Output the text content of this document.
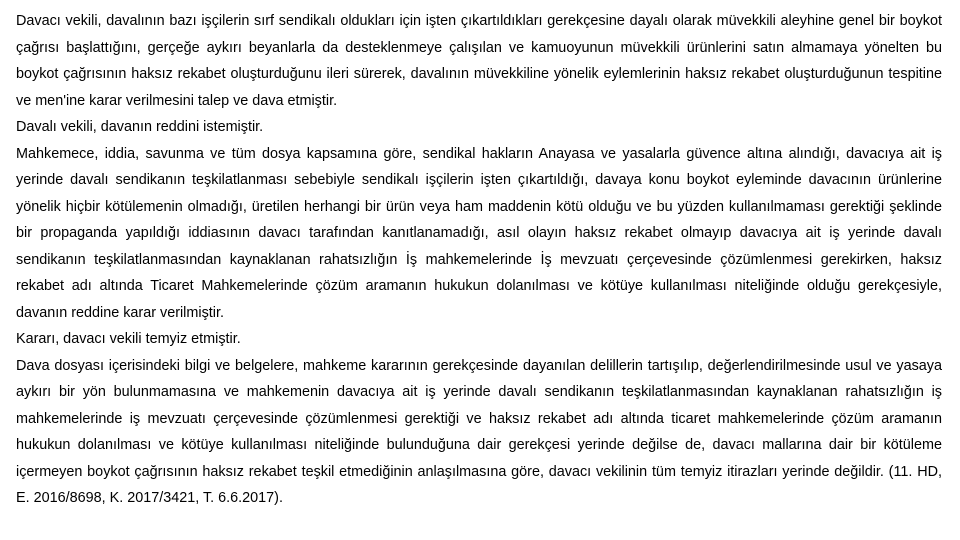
Davacı vekili, davalının bazı işçilerin sırf sendikalı oldukları için işten çıkartıldıkları gerekçesine dayalı olarak müvekkili aleyhine genel bir boykot çağrısı başlattığını, gerçeğe aykırı beyanlarla da desteklenmeye çalışılan ve kamuoyunun müvekkili ürünlerini satın almamaya yönelten bu boykot çağrısının haksız rekabet oluşturduğunu ileri sürerek, davalının müvekkiline yönelik eylemlerinin haksız rekabet oluşturduğunun tespitine ve men'ine karar verilmesini talep ve dava etmiştir.

Davalı vekili, davanın reddini istemiştir.

Mahkemece, iddia, savunma ve tüm dosya kapsamına göre, sendikal hakların Anayasa ve yasalarla güvence altına alındığı, davacıya ait iş yerinde davalı sendikanın teşkilatlanması sebebiyle sendikalı işçilerin işten çıkartıldığı, davaya konu boykot eyleminde davacının ürünlerine yönelik hiçbir kötülemenin olmadığı, üretilen herhangi bir ürün veya ham maddenin kötü olduğu ve bu yüzden kullanılmaması gerektiği şeklinde bir propaganda yapıldığı iddiasının davacı tarafından kanıtlanamadığı, asıl olayın haksız rekabet olmayıp davacıya ait iş yerinde davalı sendikanın teşkilatlanmasından kaynaklanan rahatsızlığın İş mahkemelerinde İş mevzuatı çerçevesinde çözümlenmesi gerekirken, haksız rekabet adı altında Ticaret Mahkemelerinde çözüm aramanın hukukun dolanılması ve kötüye kullanılması niteliğinde olduğu gerekçesiyle, davanın reddine karar verilmiştir.

Kararı, davacı vekili temyiz etmiştir.

Dava dosyası içerisindeki bilgi ve belgelere, mahkeme kararının gerekçesinde dayanılan delillerin tartışılıp, değerlendirilmesinde usul ve yasaya aykırı bir yön bulunmamasına ve mahkemenin davacıya ait iş yerinde davalı sendikanın teşkilatlanmasından kaynaklanan rahatsızlığın iş mahkemelerinde iş mevzuatı çerçevesinde çözümlenmesi gerektiği ve haksız rekabet adı altında ticaret mahkemelerinde çözüm aramanın hukukun dolanılması ve kötüye kullanılması niteliğinde bulunduğuna dair gerekçesi yerinde değilse de, davacı mallarına dair bir kötüleme içermeyen boykot çağrısının haksız rekabet teşkil etmediğinin anlaşılmasına göre, davacı vekilinin tüm temyiz itirazları yerinde değildir. (11. HD, E. 2016/8698, K. 2017/3421, T. 6.6.2017).
